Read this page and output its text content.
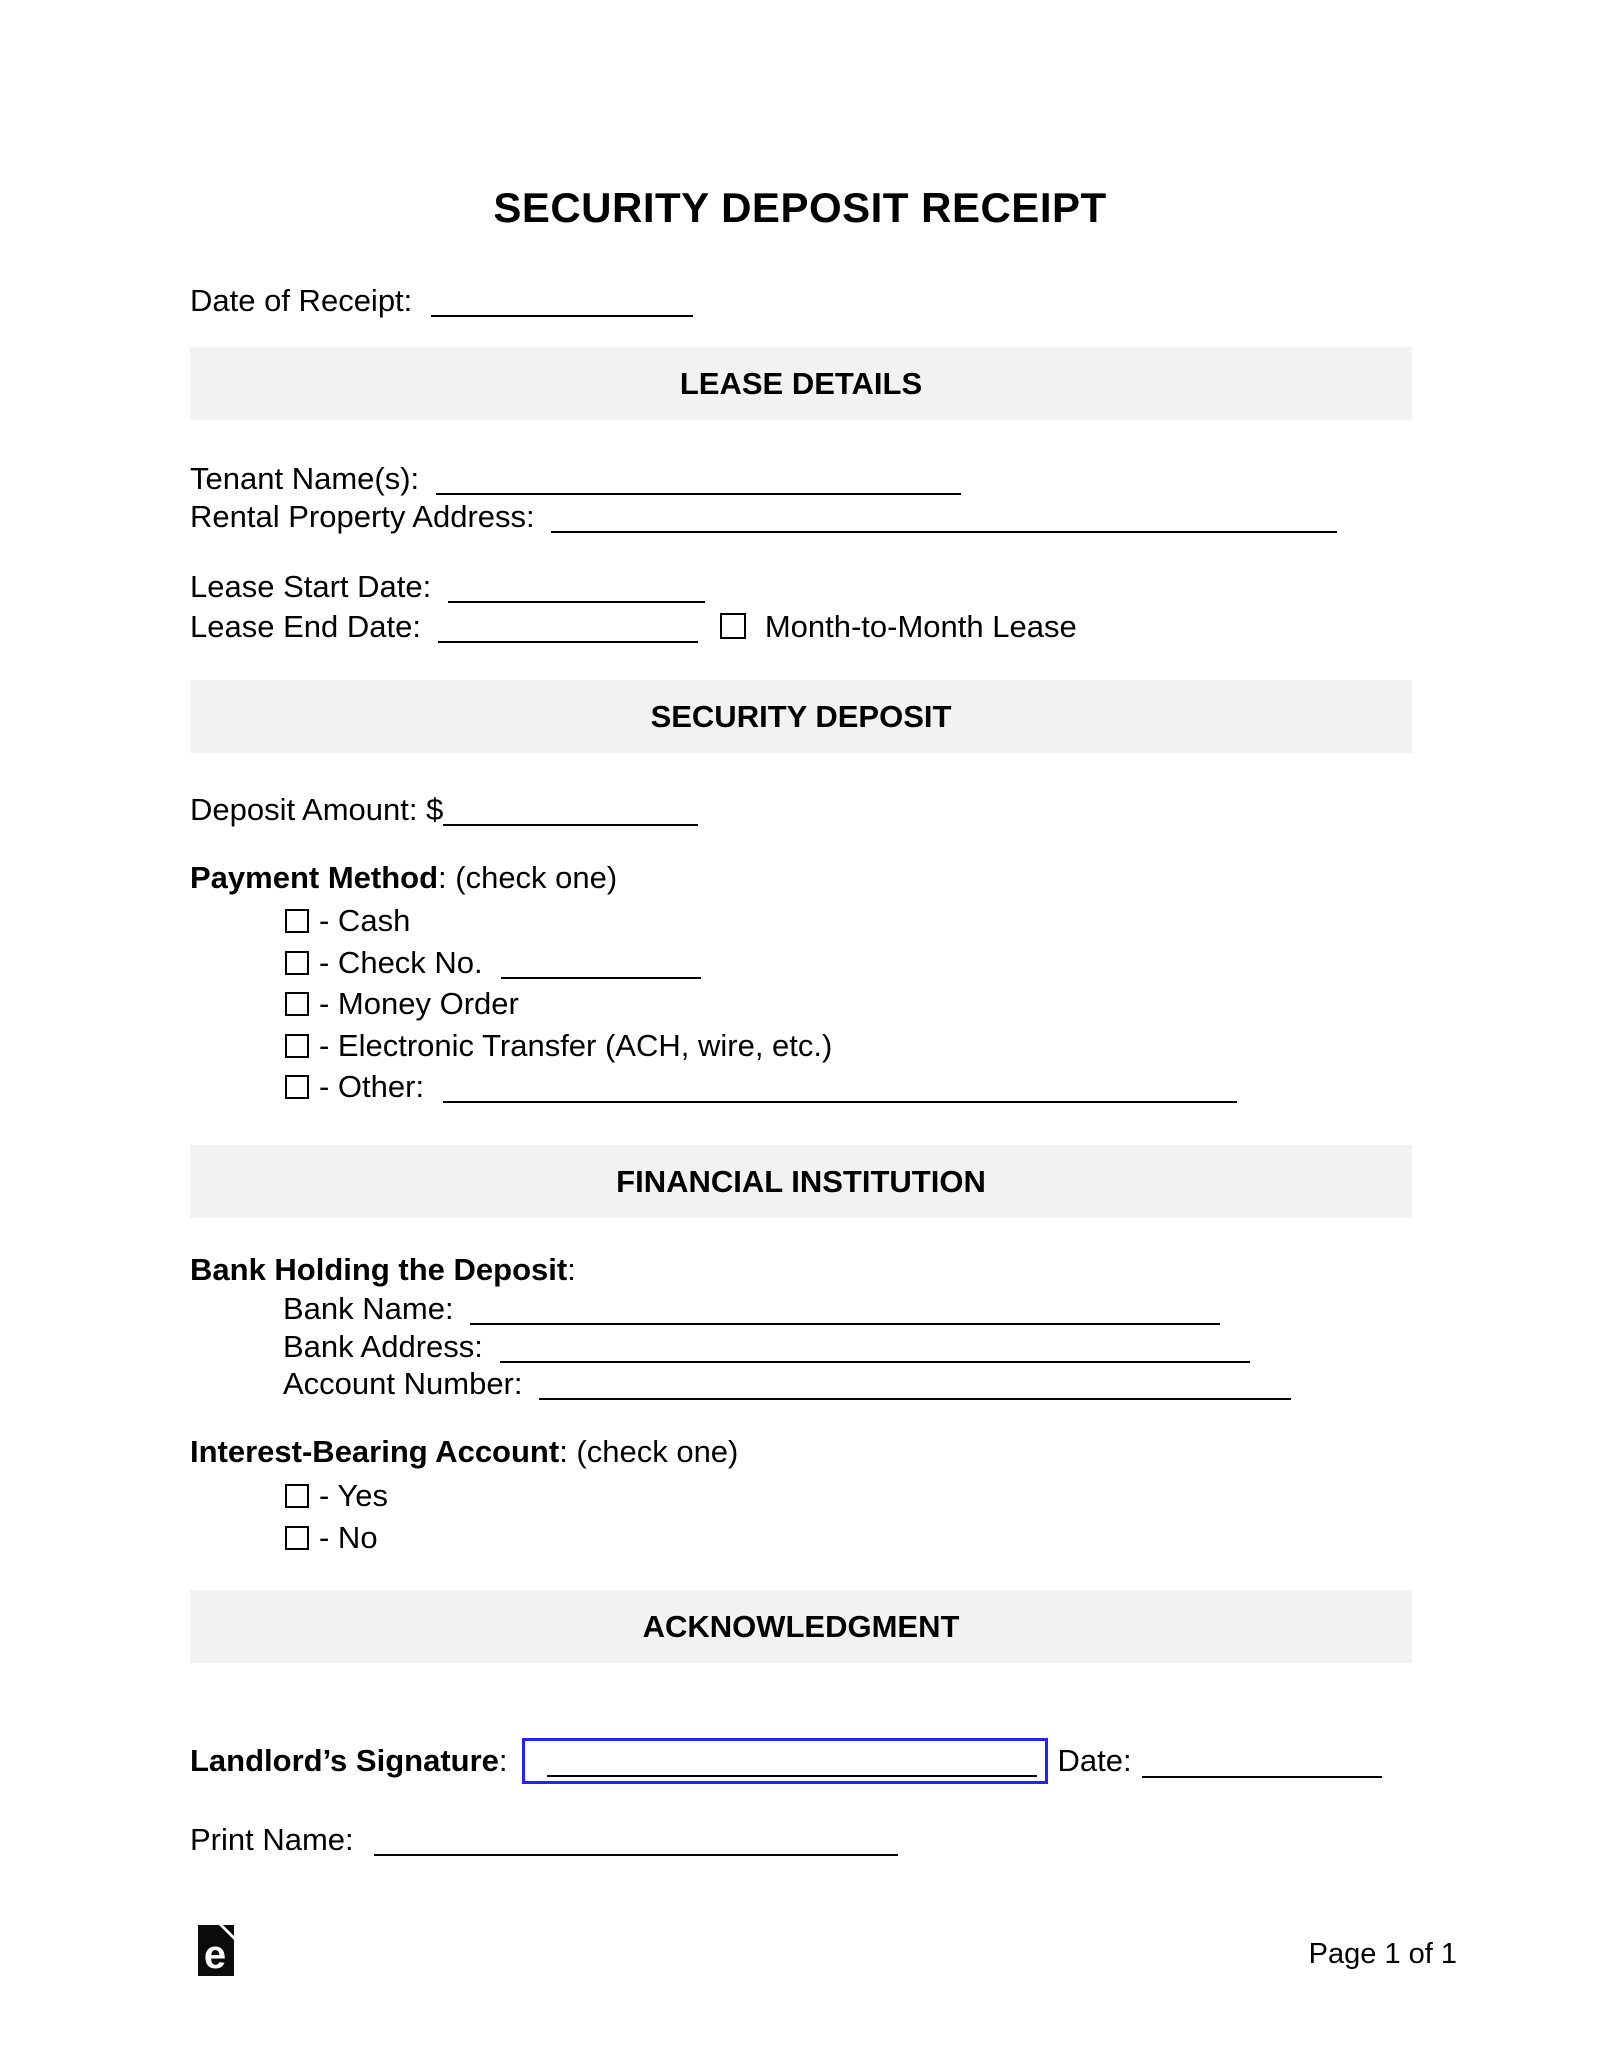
SECURITY DEPOSIT RECEIPT
Date of Receipt:
LEASE DETAILS
Tenant Name(s):
Rental Property Address:
Lease Start Date:
Lease End Date:	Month-to-Month Lease
SECURITY DEPOSIT
Deposit Amount: $
Payment Method: (check one)
- Cash
- Check No.
- Money Order
- Electronic Transfer (ACH, wire, etc.)
- Other:
FINANCIAL INSTITUTION
Bank Holding the Deposit:
Bank Name:
Bank Address:
Account Number:
Interest-Bearing Account: (check one)
- Yes
- No
ACKNOWLEDGMENT
Landlord’s Signature:	Date:
Print Name:
e	Page 1 of 1
